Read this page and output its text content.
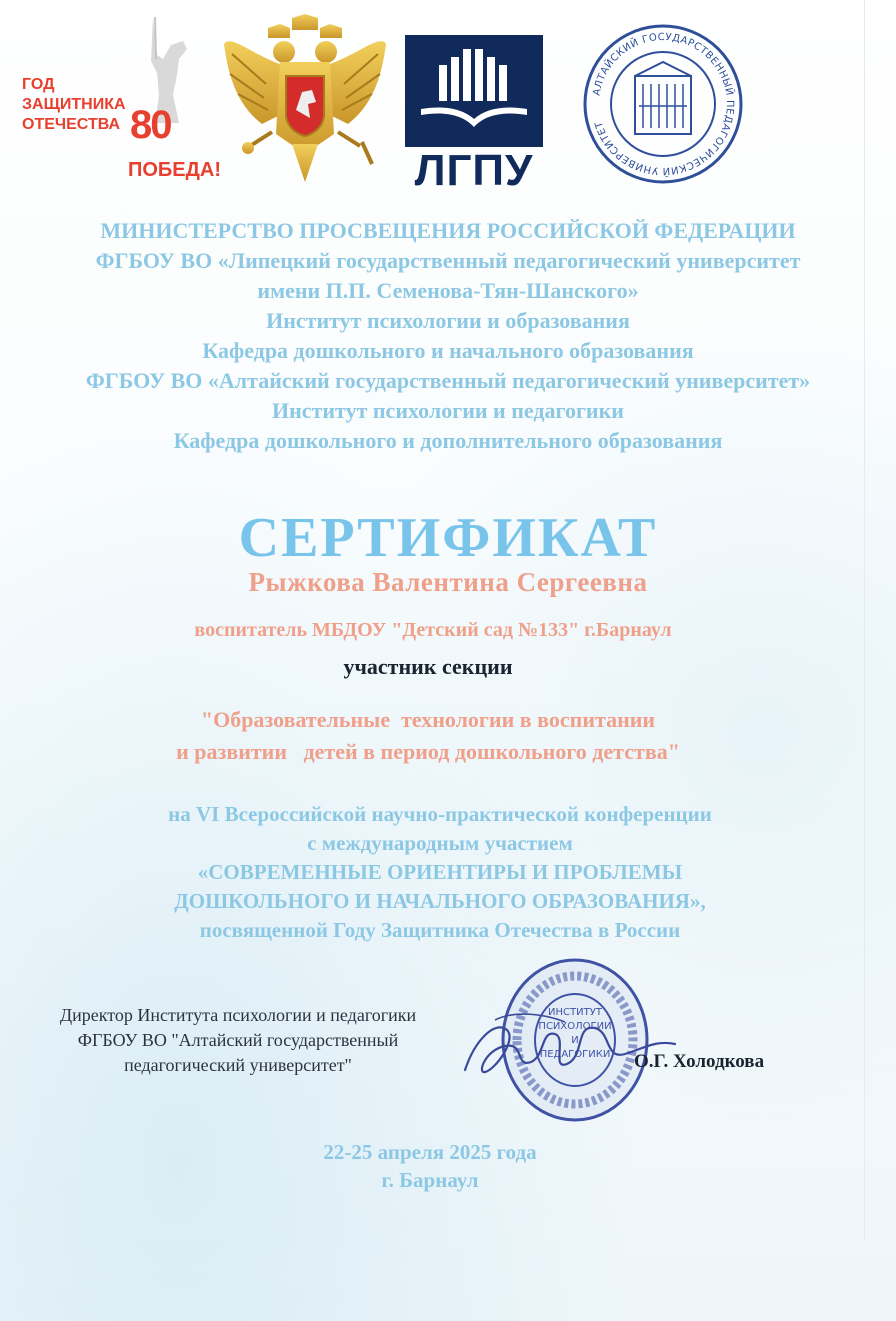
ГОД
ЗАЩИТНИКА
ОТЕЧЕСТВА 80
ПОБЕДА!	ЛГПУ
АЛТАЙСКИЙ ГОСУДАРСТВЕННЫЙ ПЕДАГОГИЧЕСКИЙ УНИВЕРСИТЕТ
МИНИСТЕРСТВО ПРОСВЕЩЕНИЯ РОССИЙСКОЙ ФЕДЕРАЦИИ
ФГБОУ ВО «Липецкий государственный педагогический университет
имени П.П. Семенова-Тян-Шанского»
Институт психологии и образования
Кафедра дошкольного и начального образования
ФГБОУ ВО «Алтайский государственный педагогический университет»
Институт психологии и педагогики
Кафедра дошкольного и дополнительного образования
СЕРТИФИКАТ
Рыжкова Валентина Сергеевна
воспитатель МБДОУ "Детский сад №133" г.Барнаул
участник секции
"Образовательные  технологии в воспитании
и развитии   детей в период дошкольного детства"
на VI Всероссийской научно-практической конференции
с международным участием
«СОВРЕМЕННЫЕ ОРИЕНТИРЫ И ПРОБЛЕМЫ
ДОШКОЛЬНОГО И НАЧАЛЬНОГО ОБРАЗОВАНИЯ»,
посвященной Году Защитника Отечества в России
Директор Института психологии и педагогики
ФГБОУ ВО "Алтайский государственный
педагогический университет"
ИНСТИТУТ
ПСИХОЛОГИИ
И
ПЕДАГОГИКИ О.Г. Холодкова
22-25 апреля 2025 года
г. Барнаул
